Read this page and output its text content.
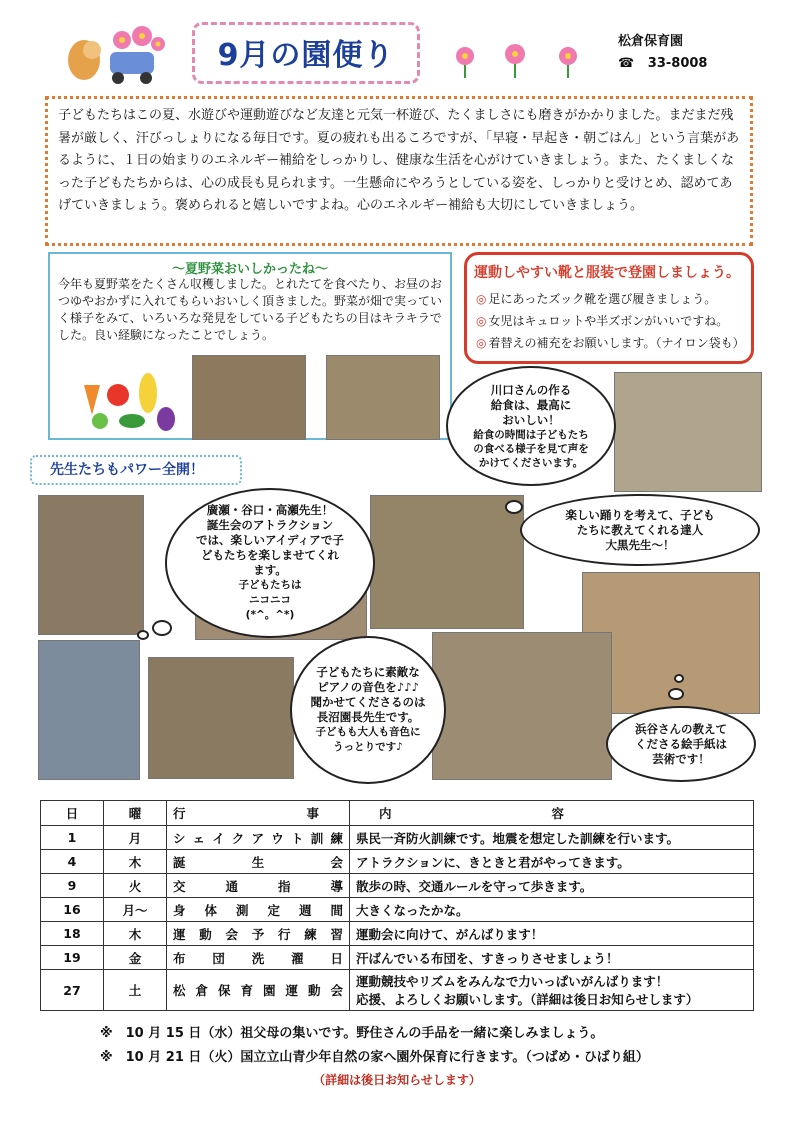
9月の園便り	松倉保育園
☎ 33-8008
子どもたちはこの夏、水遊びや運動遊びなど友達と元気一杯遊び、たくましさにも磨きがかかりました。まだまだ残暑が厳しく、汗びっしょりになる毎日です。夏の疲れも出るころですが、「早寝・早起き・朝ごはん」という言葉があるように、１日の始まりのエネルギー補給をしっかりし、健康な生活を心がけていきましょう。また、たくましくなった子どもたちからは、心の成長も見られます。一生懸命にやろうとしている姿を、しっかりと受けとめ、認めてあげていきましょう。褒められると嬉しいですよね。心のエネルギー補給も大切にしていきましょう。
～夏野菜おいしかったね～
今年も夏野菜をたくさん収穫しました。とれたてを食べたり、お昼のおつゆやおかずに入れてもらいおいしく頂きました。野菜が畑で実っていく様子をみて、いろいろな発見をしている子どもたちの目はキラキラでした。良い経験になったことでしょう。
運動しやすい靴と服装で登園しましょう。
◎ 足にあったズック靴を選び履きましょう。
◎ 女児はキュロットや半ズボンがいいですね。
◎ 着替えの補充をお願いします。（ナイロン袋も）
川口さんの作る
給食は、最高に
おいしい！
給食の時間は子どもたち
の食べる様子を見て声を
かけてくださいます。
先生たちもパワー全開！
廣瀬・谷口・高瀬先生！
誕生会のアトラクション
では、楽しいアイディアで子
どもたちを楽しませてくれ
ます。
子どもたちは
ニコニコ
(*^。^*)
楽しい踊りを考えて、子ども
たちに教えてくれる達人
大黒先生～！
子どもたちに素敵な
ピアノの音色を♪♪♪
聞かせてくださるのは
長沼園長先生です。
子どもも大人も音色に
うっとりです♪
浜谷さんの教えて
くださる絵手紙は
芸術です！
日	曜	行事	内容
1	月	シェイクアウト訓練	県民一斉防火訓練です。地震を想定した訓練を行います。
4	木	誕生会	アトラクションに、きときと君がやってきます。
9	火	交通指導	散歩の時、交通ルールを守って歩きます。
16	月～	身体測定週間	大きくなったかな。
18	木	運動会予行練習	運動会に向けて、がんばります！
19	金	布団洗濯日	汗ばんでいる布団を、すきっりさせましょう！
27	土	松倉保育園運動会	運動競技やリズムをみんなで力いっぱいがんばります！
応援、よろしくお願いします。（詳細は後日お知らせします）
※　10 月 15 日（水）祖父母の集いです。野住さんの手品を一緒に楽しみましょう。
※　10 月 21 日（火）国立立山青少年自然の家へ園外保育に行きます。（つばめ・ひばり組）
（詳細は後日お知らせします）
